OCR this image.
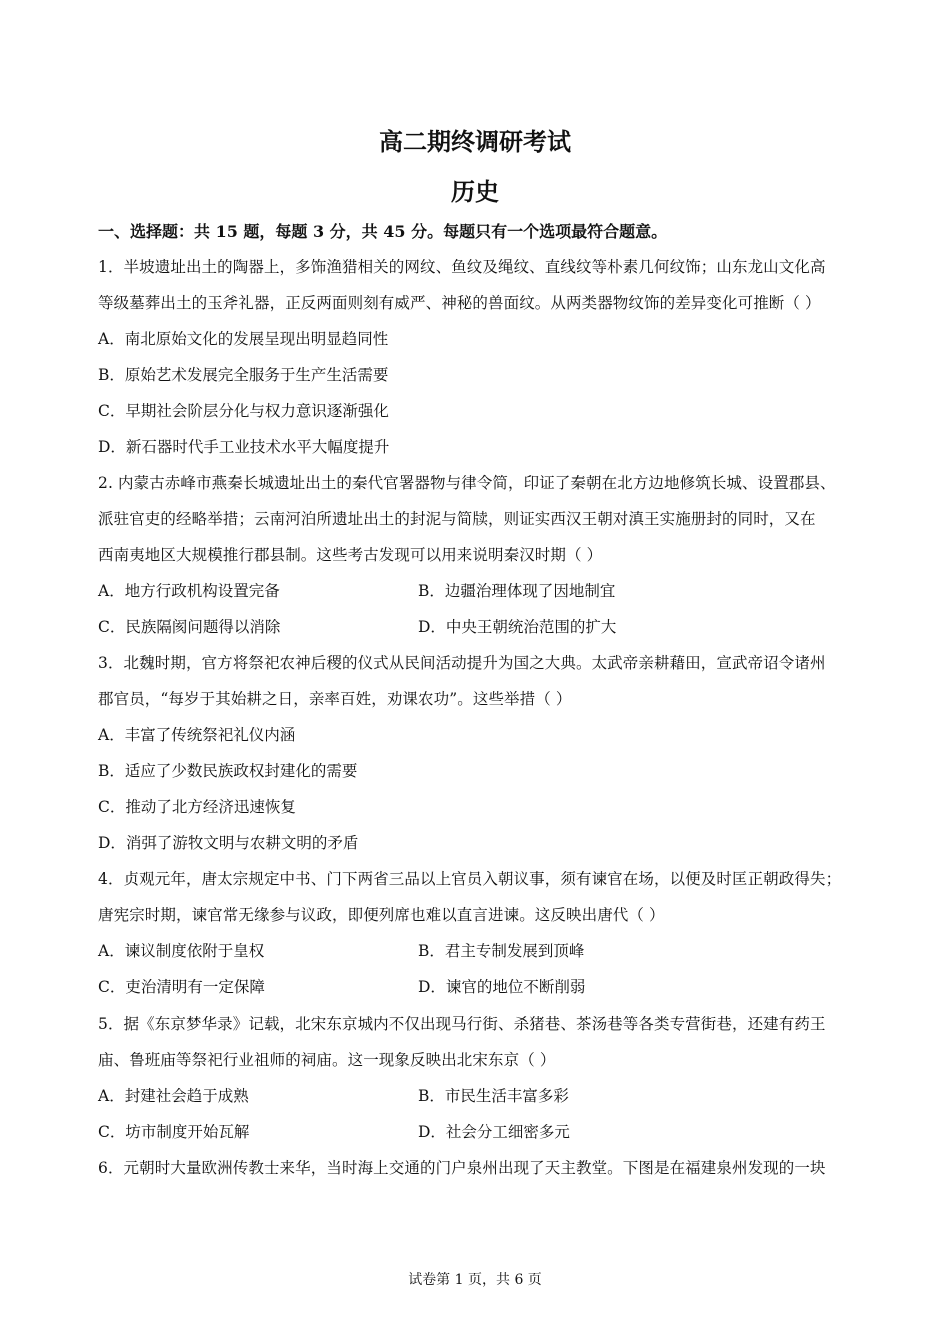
高二期终调研考试
历史
一、选择题：共 15 题，每题 3 分，共 45 分。每题只有一个选项最符合题意。
1．半坡遗址出土的陶器上，多饰渔猎相关的网纹、鱼纹及绳纹、直线纹等朴素几何纹饰；山东龙山文化高
等级墓葬出土的玉斧礼器，正反两面则刻有威严、神秘的兽面纹。从两类器物纹饰的差异变化可推断（ ）
A．南北原始文化的发展呈现出明显趋同性
B．原始艺术发展完全服务于生产生活需要
C．早期社会阶层分化与权力意识逐渐强化
D．新石器时代手工业技术水平大幅度提升
2. 内蒙古赤峰市燕秦长城遗址出土的秦代官署器物与律令简，印证了秦朝在北方边地修筑长城、设置郡县、
派驻官吏的经略举措；云南河泊所遗址出土的封泥与简牍，则证实西汉王朝对滇王实施册封的同时，又在
西南夷地区大规模推行郡县制。这些考古发现可以用来说明秦汉时期（ ）
A．地方行政机构设置完备	B．边疆治理体现了因地制宜
C．民族隔阂问题得以消除	D．中央王朝统治范围的扩大
3．北魏时期，官方将祭祀农神后稷的仪式从民间活动提升为国之大典。太武帝亲耕藉田，宣武帝诏令诸州
郡官员，“每岁于其始耕之日，亲率百姓，劝课农功”。这些举措（ ）
A．丰富了传统祭祀礼仪内涵
B．适应了少数民族政权封建化的需要
C．推动了北方经济迅速恢复
D．消弭了游牧文明与农耕文明的矛盾
4．贞观元年，唐太宗规定中书、门下两省三品以上官员入朝议事，须有谏官在场，以便及时匡正朝政得失；
唐宪宗时期，谏官常无缘参与议政，即便列席也难以直言进谏。这反映出唐代（ ）
A．谏议制度依附于皇权	B．君主专制发展到顶峰
C．吏治清明有一定保障	D．谏官的地位不断削弱
5．据《东京梦华录》记载，北宋东京城内不仅出现马行街、杀猪巷、茶汤巷等各类专营街巷，还建有药王
庙、鲁班庙等祭祀行业祖师的祠庙。这一现象反映出北宋东京（ ）
A．封建社会趋于成熟	B．市民生活丰富多彩
C．坊市制度开始瓦解	D．社会分工细密多元
6．元朝时大量欧洲传教士来华，当时海上交通的门户泉州出现了天主教堂。下图是在福建泉州发现的一块
试卷第 1 页，共 6 页
